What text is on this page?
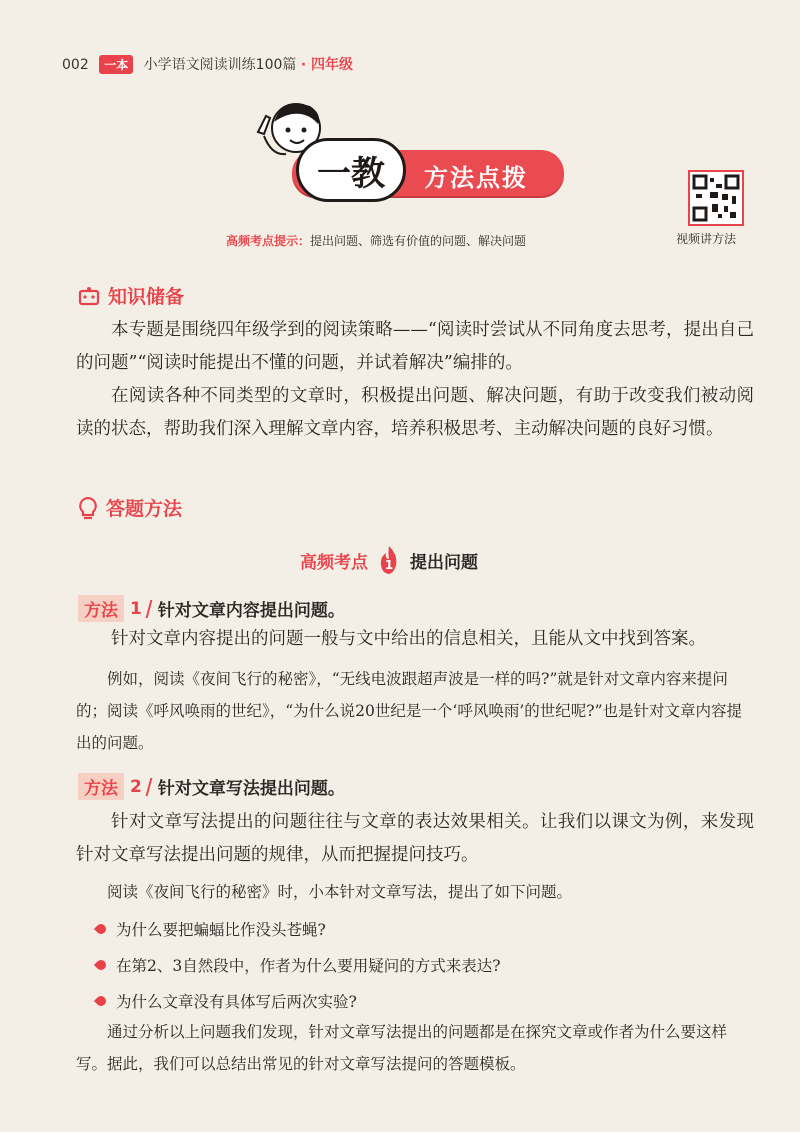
002 一本 小学语文阅读训练100篇 · 四年级
一教	方法点拨
视频讲方法
高频考点提示：提出问题、筛选有价值的问题、解决问题
知识储备
本专题是围绕四年级学到的阅读策略——“阅读时尝试从不同角度去思考，提出自己的问题”“阅读时能提出不懂的问题，并试着解决”编排的。
在阅读各种不同类型的文章时，积极提出问题、解决问题，有助于改变我们被动阅读的状态，帮助我们深入理解文章内容，培养积极思考、主动解决问题的良好习惯。
答题方法
高频考点 1 提出问题
方法 1 针对文章内容提出问题。
针对文章内容提出的问题一般与文中给出的信息相关，且能从文中找到答案。
例如，阅读《夜间飞行的秘密》，“无线电波跟超声波是一样的吗?”就是针对文章内容来提问的；阅读《呼风唤雨的世纪》，“为什么说20世纪是一个‘呼风唤雨’的世纪呢?”也是针对文章内容提出的问题。
方法 2 针对文章写法提出问题。
针对文章写法提出的问题往往与文章的表达效果相关。让我们以课文为例，来发现针对文章写法提出问题的规律，从而把握提问技巧。
阅读《夜间飞行的秘密》时，小本针对文章写法，提出了如下问题。
为什么要把蝙蝠比作没头苍蝇?
在第2、3自然段中，作者为什么要用疑问的方式来表达?
为什么文章没有具体写后两次实验?
通过分析以上问题我们发现，针对文章写法提出的问题都是在探究文章或作者为什么要这样写。据此，我们可以总结出常见的针对文章写法提问的答题模板。
